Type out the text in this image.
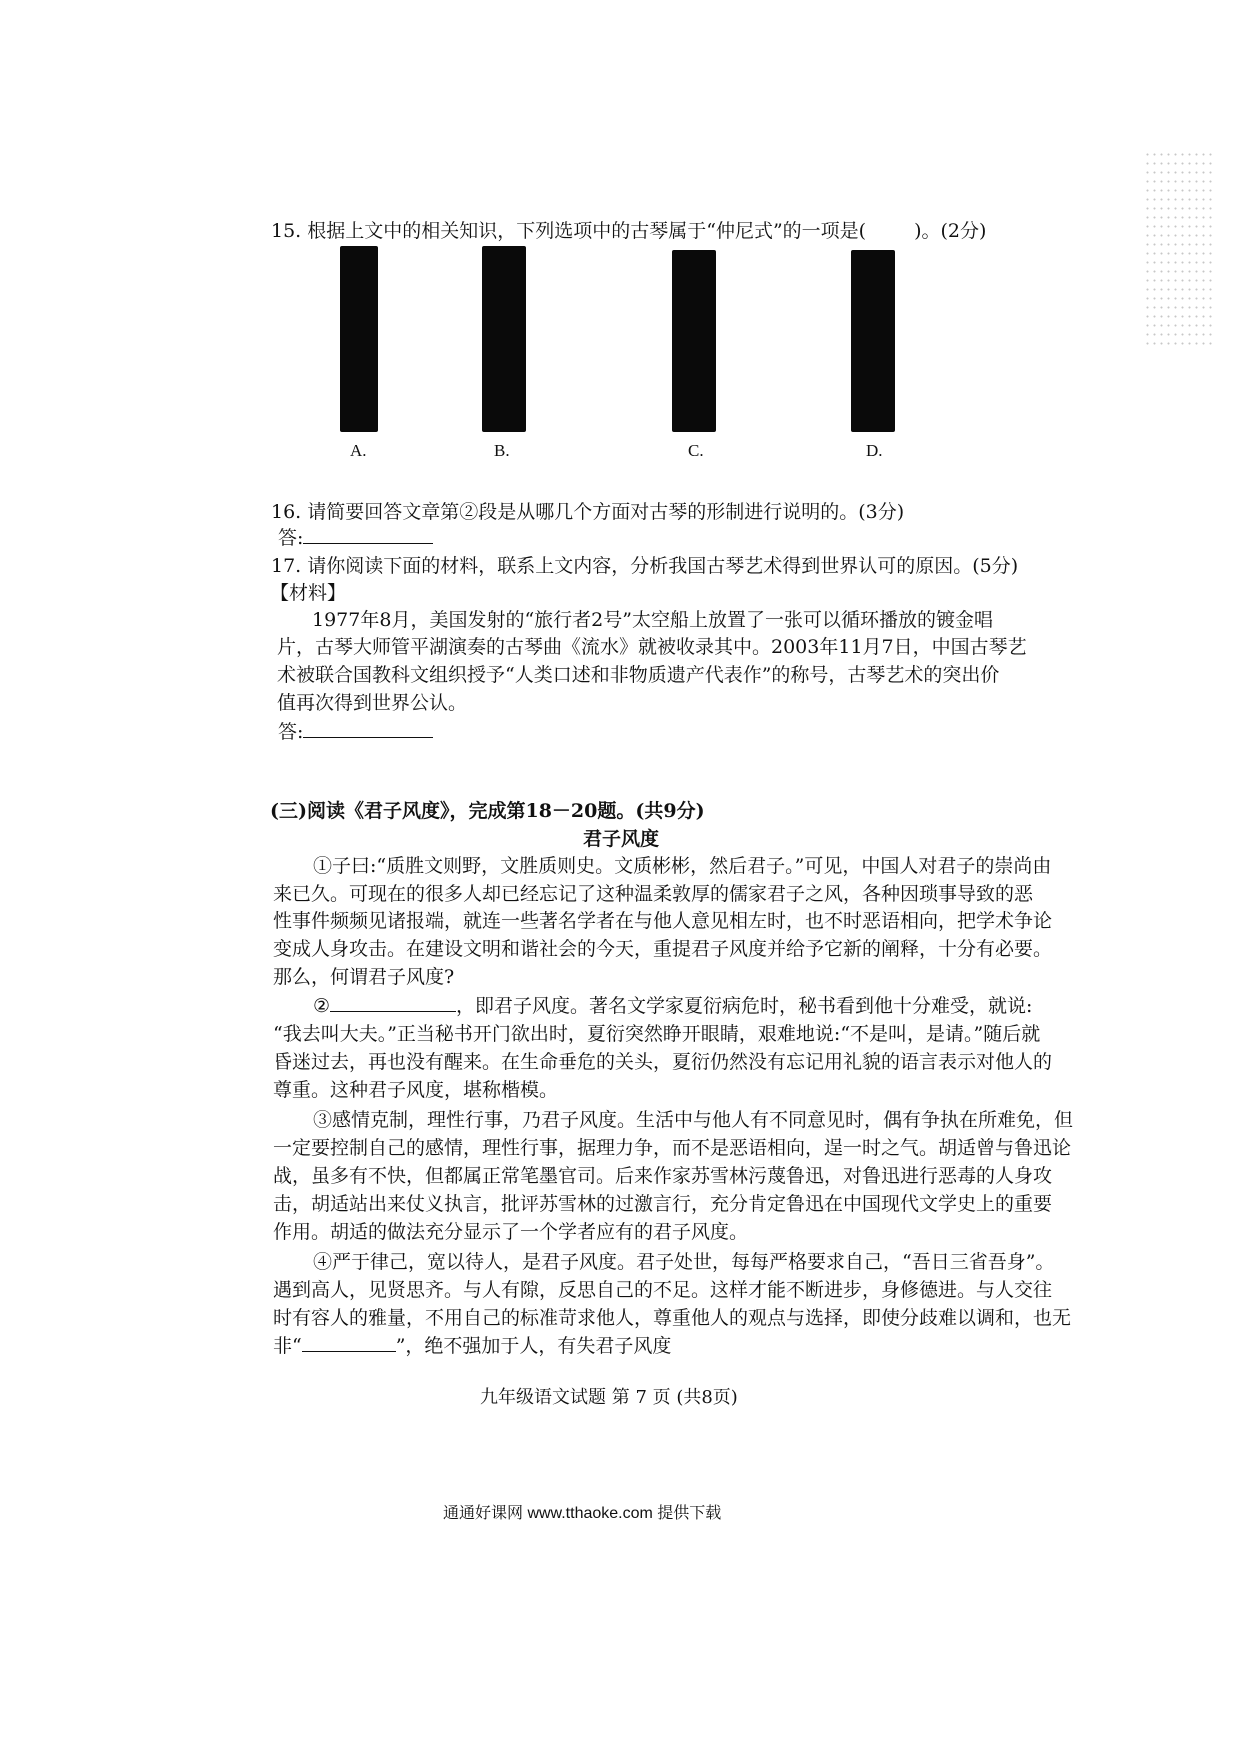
15. 根据上文中的相关知识，下列选项中的古琴属于“仲尼式”的一项是(	)。(2分)
A.	B.	C.	D.
16. 请简要回答文章第②段是从哪几个方面对古琴的形制进行说明的。(3分)
答:
17. 请你阅读下面的材料，联系上文内容，分析我国古琴艺术得到世界认可的原因。(5分)
【材料】
1977年8月，美国发射的“旅行者2号”太空船上放置了一张可以循环播放的镀金唱
片，古琴大师管平湖演奏的古琴曲《流水》就被收录其中。2003年11月7日，中国古琴艺
术被联合国教科文组织授予“人类口述和非物质遗产代表作”的称号，古琴艺术的突出价
值再次得到世界公认。
答:
(三)阅读《君子风度》，完成第18－20题。(共9分)
君子风度
①子曰:“质胜文则野，文胜质则史。文质彬彬，然后君子。”可见，中国人对君子的崇尚由
来已久。可现在的很多人却已经忘记了这种温柔敦厚的儒家君子之风，各种因琐事导致的恶
性事件频频见诸报端，就连一些著名学者在与他人意见相左时，也不时恶语相向，把学术争论
变成人身攻击。在建设文明和谐社会的今天，重提君子风度并给予它新的阐释，十分有必要。
那么，何谓君子风度?
②	，即君子风度。著名文学家夏衍病危时，秘书看到他十分难受，就说:
“我去叫大夫。”正当秘书开门欲出时，夏衍突然睁开眼睛，艰难地说:“不是叫，是请。”随后就
昏迷过去，再也没有醒来。在生命垂危的关头，夏衍仍然没有忘记用礼貌的语言表示对他人的
尊重。这种君子风度，堪称楷模。
③感情克制，理性行事，乃君子风度。生活中与他人有不同意见时，偶有争执在所难免，但
一定要控制自己的感情，理性行事，据理力争，而不是恶语相向，逞一时之气。胡适曾与鲁迅论
战，虽多有不快，但都属正常笔墨官司。后来作家苏雪林污蔑鲁迅，对鲁迅进行恶毒的人身攻
击，胡适站出来仗义执言，批评苏雪林的过激言行，充分肯定鲁迅在中国现代文学史上的重要
作用。胡适的做法充分显示了一个学者应有的君子风度。
④严于律己，宽以待人，是君子风度。君子处世，每每严格要求自己，“吾日三省吾身”。
遇到高人，见贤思齐。与人有隙，反思自己的不足。这样才能不断进步，身修德进。与人交往
时有容人的雅量，不用自己的标准苛求他人，尊重他人的观点与选择，即使分歧难以调和，也无
非“	”，绝不强加于人，有失君子风度
九年级语文试题 第 7 页 (共8页)
通通好课网 www.tthaoke.com 提供下载
